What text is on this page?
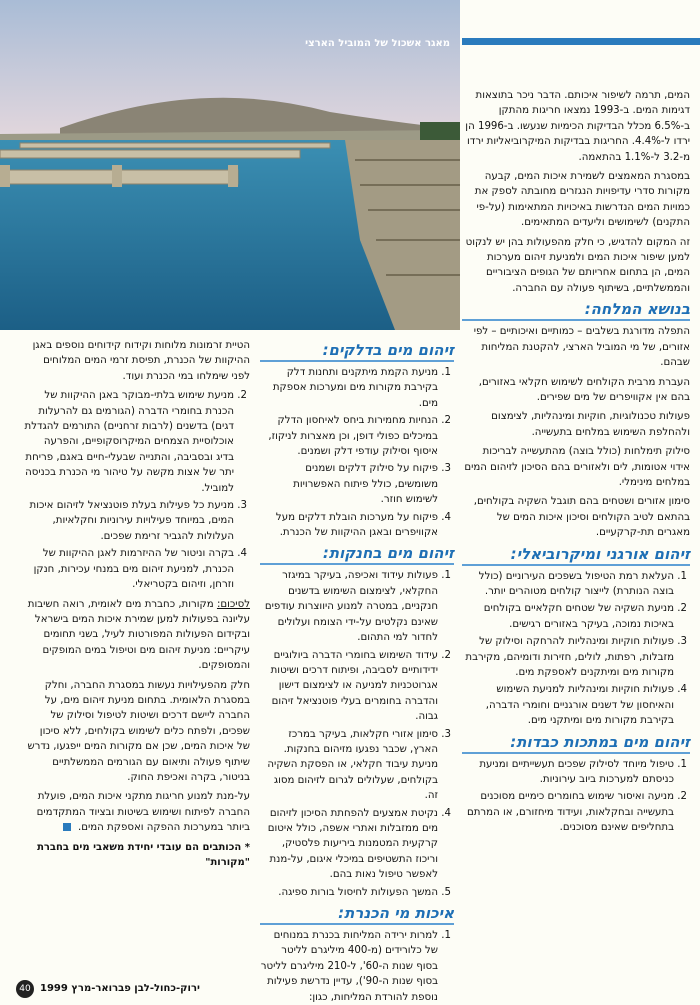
מאגר אשכול של המוביל הארצי

המים, תרמה לשיפור איכותם. הדבר ניכר בתוצאות דגימות המים. ב-1993 נמצאו חריגות מהתקן ב-6.5% מכלל הבדיקות הכימיות שנעשו. ב-1996 הן ירדו ל-4.4%. החריגות בבדיקות המיקרוביאליות ירדו מ-3.2 ל-1.1% בהתאמה.

במסגרת המאמצים לשמירת איכות המים, קבעה מקורות סדרי עדיפויות הנגזרים מחובתה לספק את כמויות המים הנדרשות באיכויות המתאימות (על-פי התקנים) לשימושים וליעדים המתאימים.

זה המקום להדגיש, כי חלק מהפעולות בהן יש לנקוט למען שיפור איכות המים ולמניעת זיהום מערכות המים, הן בתחום אחריותם של הגופים הציבוריים והממשלתיים, בשיתוף פעולה עם החברה.

בנושא המלחה:

התפלה מדורגת בשלבים – כמותיים ואיכותיים – לפי אזורים, של מי המוביל הארצי, להקטנת המליחות שבהם.

העברת מרבית הקולחים לשימוש חקלאי באזורים, בהם אין אקוויפרים של מים שפירים.

פעולות טכנולוגיות, חוקיות ומינהליות, לצימצום ולהחלפת השימוש במלחים בתעשייה.

סילוק תימלחות (כולל בוצה) מהתעשייה לבריכות אידוי אטומות, לים ולאזורים בהם הסיכון לזיהום המים במלחים מינימלי.

סימון אזורים ושטחים בהם תוגבל השקיה בקולחים, בהתאם לטיב הקולחים וסיכון איכות המים של מאגרים תת-קרקעיים.

זיהום אורגני ומיקרוביאלי:
1. העלאת רמת הטיפול בשפכים העירוניים (כולל בוצה הנותרת) לייצור קולחים מטוהרים יותר.
2. מניעת השקיה של שטחים חקלאיים בקולחים באיכות נמוכה, בעיקר באזורים רגישים.
3. פעולות חוקיות ומינהליות להרחקה וסילוק של מזבלות, רפתות, לולים, חזירות ודומיהם, מקירבת מקורות מים ומיתקנים לאספקת מים.
4. פעולות חוקיות ומינהליות למניעת השימוש והאיחסון של דשנים אורגניים וחומרי הדברה, בקירבת מקורות מים ומיתקני מים.
זיהום מים במתכות כבדות:
1. טיפול מיוחד לסילוק שפכים תעשייתיים ומניעת כניסתם למערכות ביוב עירוניות.
2. מניעה ואיסור שימוש בחומרים כימיים מסוכנים בתעשייה ובחקלאות, ועידוד מיחזורם, או המרתם בתחליפים שאינם מסוכנים.
זיהום מים בדלקים:
1. מניעת הקמת מיתקנים ותחנות דלק בקירבת מקורות מים ומערכות אספקת מים.
2. הנחיות מחמירות ביחס לאיחסון הדלק במיכלים כפולי דופן, וכן מאצרות לניקוז, איסוף וסילוק עודפי דלק ושמנים.
3. פיקוח על סילוק דלקים ושמנים משומשים, כולל פיתוח האפשרויות לשימוש חוזר.
4. פיקוח על מערכות הובלת דלקים מעל אקוויפרים ובאגן ההיקוות של הכנרת.
זיהום מים בחנקות:
1. פעולות עידוד ואכיפה, בעיקר במיגזר החקלאי, לצימצום השימוש בדשנים חנקניים, במטרה למנוע היווצרות עודפים שאינם נקלטים על-ידי הצומח ועלולים לחדור למי התהום.
2. עידוד השימוש בחומרי הדברה ביולוגיים ידידותיים לסביבה, ופיתוח דרכים ושיטות אגרוטכניות למניעה או לצימצום דישון והדברה בחומרים בעלי פוטנציאל זיהום גבוה.
3. סימון אזורי חקלאות, בעיקר במרכז הארץ, שכבר נפגעו מזיהום בחנקות. מניעת עיבוד חקלאי, או הפסקת השקיה בקולחים, שעלולים לגרום לזיהום מסוג זה.
4. נקיטת אמצעים להפחתת הסיכון לזיהום מים ממזבלות ואתרי אשפה, כולל איטום קרקעית המטמנות ביריעות פלסטיק, וריכוז התשטיפים במיכלי איגום, על-מנת לאפשר טיפול נאות בהם.
5. המשך הפעולות לחיסול בורות ספיגה.
איכות מי הכנרת:
1. למרות ירידה המליחות בכנרת במנוחים של כלורידים (מ-400 מיליגרם לליטר בסוף שנות ה-60', ל-210 מיליגרם לליטר בסוף שנות ה-90'), עדיין נדרשת פעילות נוספת להורדת המליחות, כגון:

הטיית זרמונות מלוחות וקידוח קידוחים נוספים באגן ההיקוות של הכנרת, תפיסת זרמי המים המלוחים לפני שימלחו במי הכנרת ועוד.

2. מניעת שימוש בלתי-מבוקר באגן ההיקוות של הכנרת בחומרי הדברה (הגורמים גם להרעלות דגים) בדשנים (לרבות זרחניים) התורמים להגדלת אוכלוסיית הצמחים המיקרוסקופיים, והפרעה בדיג ובסביבה, והתנייה שבעלי-חיים באגם, פריחת יתר של אצות מקשה על טיהור מי הכנרת בכניסה למוביל.
3. מניעת כל פעילות בעלת פוטנציאל לזיהום איכות המים, במיוחד פעילויות עירוניות וחקלאיות, העלולות להגביר זרימת שפכים.
4. בקרה וניטור של ההיזרמות לאגן ההיקוות של הכנרת, למניעת זיהום מים במנחי עכירות, חנקן וזרחן, וזיהום בקטריאלי.

לסיכום: מקורות, כחברת מים לאומית, רואה חשיבות עליונה בפעולות למען שמירת איכות המים בישראל ובקידום הפעולות המפורטות לעיל, בשני תחומים עיקריים: מניעת זיהום מים וטיפול במים המופקים והמסופקים.

חלק מהפעילויות נעשות במסגרת החברה, וחלק במסגרת הלאומית. בתחום מניעת זיהום מים, על החברה ליישם דרכים ושיטות לטיפול וסילוק של שפכים, ולפתח כלים לשימוש בקולחים, ללא סיכון של איכות המים, שכן אם מקורות המים ייפגעו, נדרש שיתוף פעולה ותיאום עם הגורמים הממשלתיים בניטור, בקרה ואכיפת החוק.

על-מנת למנוע חריגות מתקני איכות המים, פועלת החברה לפיתוח ושימוש בשיטות ובציוד המתקדמים ביותר במערכות ההפקה ואספקת המים.

* הכותבים הם עובדי יחידת משאבי מים בחברת "מקורות"

40 ירוק-כחול-לבן פברואר-מרץ 1999
